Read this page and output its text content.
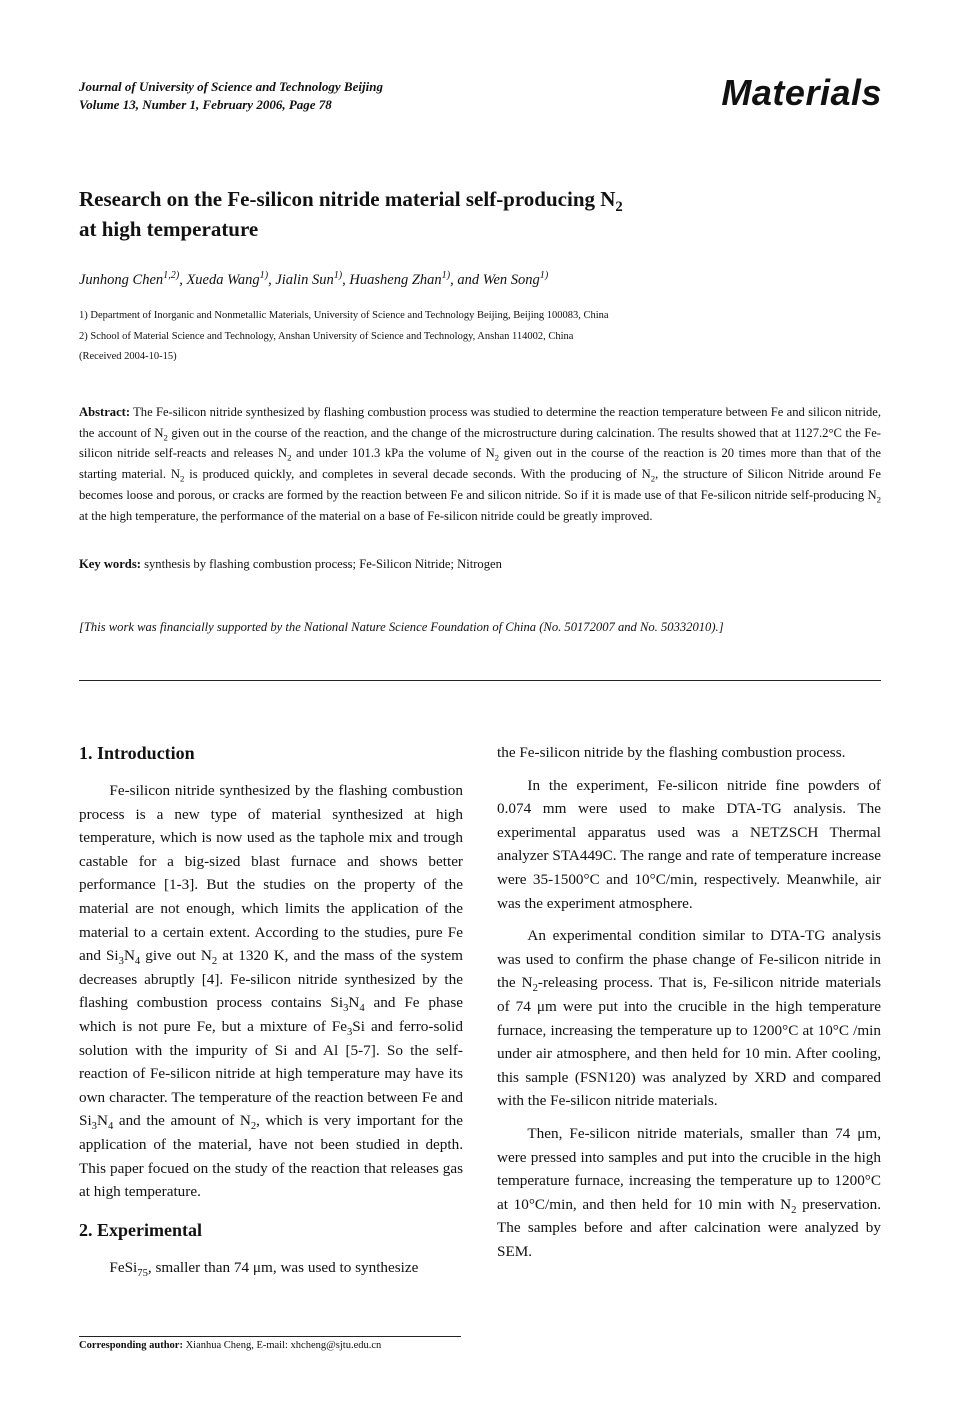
Journal of University of Science and Technology Beijing
Volume 13, Number 1, February 2006, Page 78	Materials
Research on the Fe-silicon nitride material self-producing $N_2$
at high temperature
Junhong Chen$^{1,2)}$, Xueda Wang$^{1)}$, Jialin Sun$^{1)}$, Huasheng Zhan$^{1)}$, and Wen Song$^{1)}$
1) Department of Inorganic and Nonmetallic Materials, University of Science and Technology Beijing, Beijing 100083, China
2) School of Material Science and Technology, Anshan University of Science and Technology, Anshan 114002, China
(Received 2004-10-15)
Abstract: The Fe-silicon nitride synthesized by flashing combustion process was studied to determine the reaction temperature between Fe and silicon nitride, the account of $N_2$ given out in the course of the reaction, and the change of the microstructure during calcination. The results showed that at 1127.2°C the Fe-silicon nitride self-reacts and releases $N_2$ and under 101.3 kPa the volume of $N_2$ given out in the course of the reaction is 20 times more than that of the starting material. $N_2$ is produced quickly, and completes in several decade seconds. With the producing of $N_2$, the structure of Silicon Nitride around Fe becomes loose and porous, or cracks are formed by the reaction between Fe and silicon nitride. So if it is made use of that Fe-silicon nitride self-producing $N_2$ at the high temperature, the performance of the material on a base of Fe-silicon nitride could be greatly improved.
Key words: synthesis by flashing combustion process; Fe-Silicon Nitride; Nitrogen
[This work was financially supported by the National Nature Science Foundation of China (No. 50172007 and No. 50332010).]
1. Introduction

Fe-silicon nitride synthesized by the flashing combustion process is a new type of material synthesized at high temperature, which is now used as the taphole mix and trough castable for a big-sized blast furnace and shows better performance [1-3]. But the studies on the property of the material are not enough, which limits the application of the material to a certain extent. According to the studies, pure Fe and $Si_3N_4$ give out $N_2$ at 1320 K, and the mass of the system decreases abruptly [4]. Fe-silicon nitride synthesized by the flashing combustion process contains $Si_3N_4$ and Fe phase which is not pure Fe, but a mixture of $Fe_3Si$ and ferro-solid solution with the impurity of Si and Al [5-7]. So the self-reaction of Fe-silicon nitride at high temperature may have its own character. The temperature of the reaction between Fe and $Si_3N_4$ and the amount of $N_2$, which is very important for the application of the material, have not been studied in depth. This paper focued on the study of the reaction that releases gas at high temperature.

2. Experimental

FeSi$_{75}$, smaller than 74 μm, was used to synthesize

the Fe-silicon nitride by the flashing combustion process.

In the experiment, Fe-silicon nitride fine powders of 0.074 mm were used to make DTA-TG analysis. The experimental apparatus used was a NETZSCH Thermal analyzer STA449C. The range and rate of temperature increase were 35-1500°C and 10°C/min, respectively. Meanwhile, air was the experiment atmosphere.

An experimental condition similar to DTA-TG analysis was used to confirm the phase change of Fe-silicon nitride in the $N_2$-releasing process. That is, Fe-silicon nitride materials of 74 μm were put into the crucible in the high temperature furnace, increasing the temperature up to 1200°C at 10°C /min under air atmosphere, and then held for 10 min. After cooling, this sample (FSN120) was analyzed by XRD and compared with the Fe-silicon nitride materials.

Then, Fe-silicon nitride materials, smaller than 74 μm, were pressed into samples and put into the crucible in the high temperature furnace, increasing the temperature up to 1200°C at 10°C/min, and then held for 10 min with $N_2$ preservation. The samples before and after calcination were analyzed by SEM.

Corresponding author: Xianhua Cheng, E-mail: xhcheng@sjtu.edu.cn
